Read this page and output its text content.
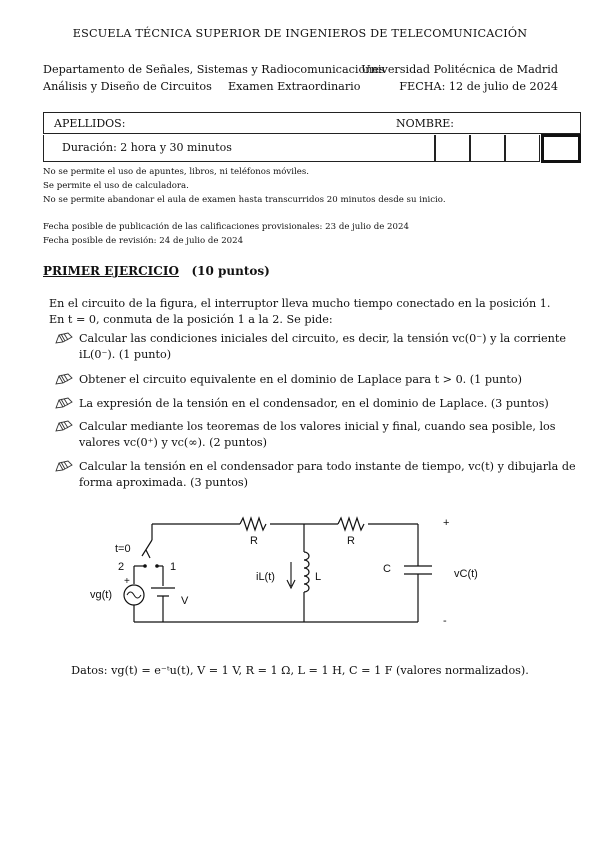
ESCUELA TÉCNICA SUPERIOR DE INGENIEROS DE TELECOMUNICACIÓN
Departamento de Señales, Sistemas y Radiocomunicaciones
Universidad Politécnica de Madrid
Análisis y Diseño de Circuitos Examen Extraordinario	FECHA: 12 de julio de 2024
APELLIDOS:	NOMBRE:
Duración: 2 hora y 30 minutos
No se permite el uso de apuntes, libros, ni teléfonos móviles.
Se permite el uso de calculadora.
No se permite abandonar el aula de examen hasta transcurridos 20 minutos desde su inicio.
Fecha posible de publicación de las calificaciones provisionales: 23 de julio de 2024
Fecha posible de revisión: 24 de julio de 2024
PRIMER EJERCICIO (10 puntos)
En el circuito de la figura, el interruptor lleva mucho tiempo conectado en la posición 1.
En t = 0, conmuta de la posición 1 a la 2. Se pide:
Calcular las condiciones iniciales del circuito, es decir, la tensión vc(0⁻) y la corriente iL(0⁻). (1 punto)
Obtener el circuito equivalente en el dominio de Laplace para t > 0. (1 punto)
La expresión de la tensión en el condensador, en el dominio de Laplace. (3 puntos)
Calcular mediante los teoremas de los valores inicial y final, cuando sea posible, los valores vc(0⁺) y vc(∞). (2 puntos)
Calcular la tensión en el condensador para todo instante de tiempo, vc(t) y dibujarla de forma aproximada. (3 puntos)
t=0
2	1
+
vg(t)	V
R	R
iL(t)	L
C	vC(t)
+
-
Datos: vg(t) = e⁻ᵗu(t), V = 1 V, R = 1 Ω, L = 1 H, C = 1 F (valores normalizados).
